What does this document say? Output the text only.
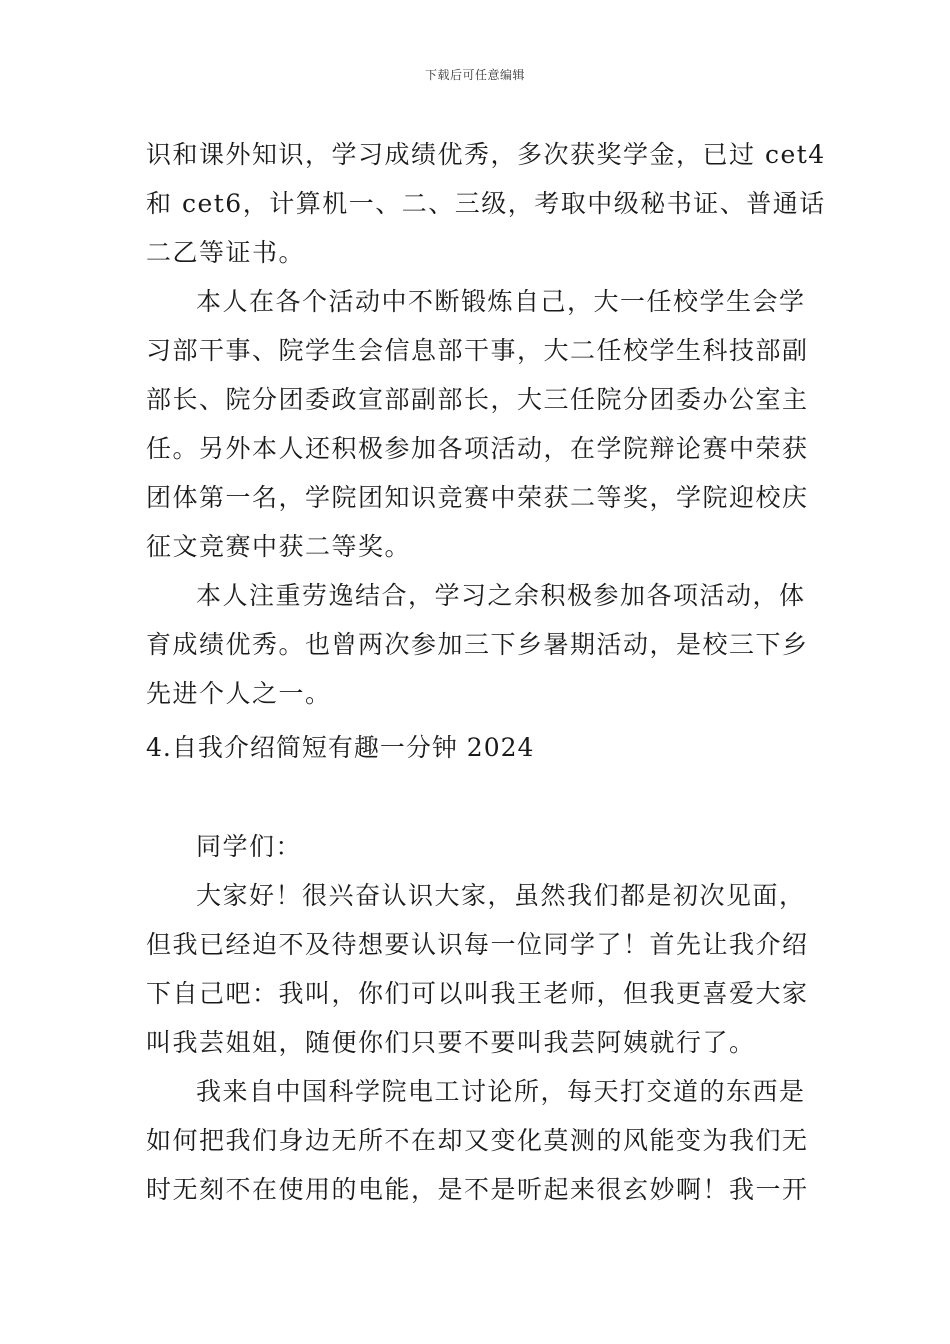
下载后可任意编辑
识和课外知识，学习成绩优秀，多次获奖学金，已过 cet4
和 cet6，计算机一、二、三级，考取中级秘书证、普通话
二乙等证书。
本人在各个活动中不断锻炼自己，大一任校学生会学
习部干事、院学生会信息部干事，大二任校学生科技部副
部长、院分团委政宣部副部长，大三任院分团委办公室主
任。另外本人还积极参加各项活动，在学院辩论赛中荣获
团体第一名，学院团知识竞赛中荣获二等奖，学院迎校庆
征文竞赛中获二等奖。
本人注重劳逸结合，学习之余积极参加各项活动，体
育成绩优秀。也曾两次参加三下乡暑期活动，是校三下乡
先进个人之一。
4.自我介绍简短有趣一分钟 2024
同学们：
大家好！很兴奋认识大家，虽然我们都是初次见面，
但我已经迫不及待想要认识每一位同学了！首先让我介绍
下自己吧：我叫，你们可以叫我王老师，但我更喜爱大家
叫我芸姐姐，随便你们只要不要叫我芸阿姨就行了。
我来自中国科学院电工讨论所，每天打交道的东西是
如何把我们身边无所不在却又变化莫测的风能变为我们无
时无刻不在使用的电能，是不是听起来很玄妙啊！我一开
